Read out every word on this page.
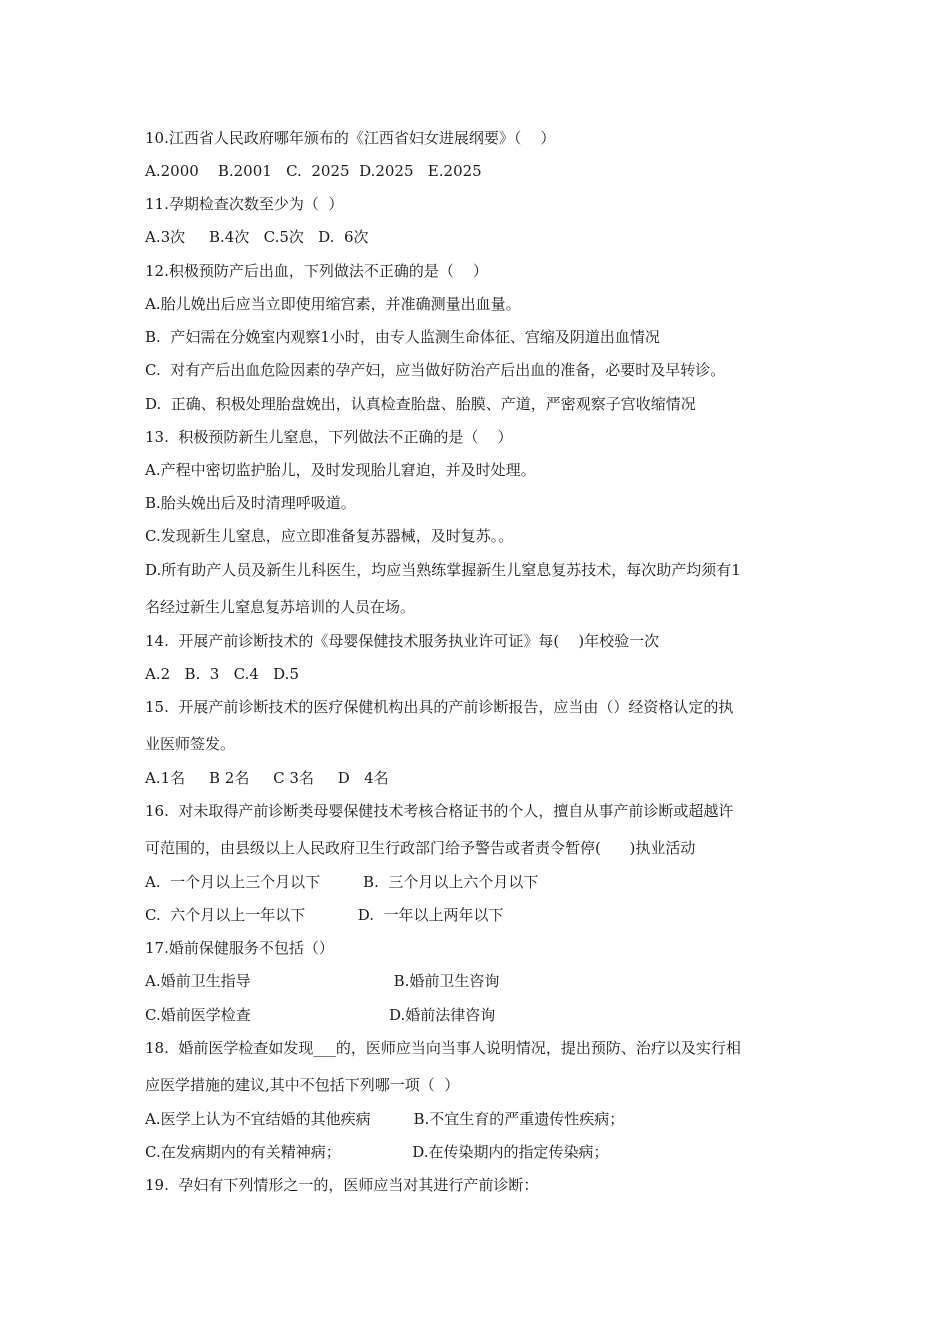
10.江西省人民政府哪年颁布的《江西省妇女进展纲要》（    ）
A.2000    B.2001   C.  2025  D.2025   E.2025
11.孕期检查次数至少为（  ）
A.3次     B.4次   C.5次   D.  6次
12.积极预防产后出血，下列做法不正确的是（    ）
A.胎儿娩出后应当立即使用缩宫素，并准确测量出血量。
B.  产妇需在分娩室内观察1小时，由专人监测生命体征、宫缩及阴道出血情况
C.  对有产后出血危险因素的孕产妇，应当做好防治产后出血的准备，必要时及早转诊。
D.  正确、积极处理胎盘娩出，认真检查胎盘、胎膜、产道，严密观察子宫收缩情况
13.  积极预防新生儿窒息，下列做法不正确的是（    ）
A.产程中密切监护胎儿，及时发现胎儿窘迫，并及时处理。
B.胎头娩出后及时清理呼吸道。
C.发现新生儿窒息，应立即准备复苏器械，及时复苏。。
D.所有助产人员及新生儿科医生，均应当熟练掌握新生儿窒息复苏技术，每次助产均须有1
名经过新生儿窒息复苏培训的人员在场。
14.  开展产前诊断技术的《母婴保健技术服务执业许可证》每(    )年校验一次
A.2   B.  3   C.4   D.5
15.  开展产前诊断技术的医疗保健机构出具的产前诊断报告，应当由（）经资格认定的执
业医师签发。
A.1名     B 2名     C 3名     D   4名
16.  对未取得产前诊断类母婴保健技术考核合格证书的个人，擅自从事产前诊断或超越许
可范围的，由县级以上人民政府卫生行政部门给予警告或者责令暂停(      )执业活动
A.  一个月以上三个月以下         B.  三个月以上六个月以下
C.  六个月以上一年以下           D.  一年以上两年以下
17.婚前保健服务不包括（）
A.婚前卫生指导                              B.婚前卫生咨询
C.婚前医学检查                             D.婚前法律咨询
18.  婚前医学检查如发现___的，医师应当向当事人说明情况，提出预防、治疗以及实行相
应医学措施的建议,其中不包括下列哪一项（  ）
A.医学上认为不宜结婚的其他疾病         B.不宜生育的严重遗传性疾病；
C.在发病期内的有关精神病；               D.在传染期内的指定传染病；
19.  孕妇有下列情形之一的，医师应当对其进行产前诊断：
